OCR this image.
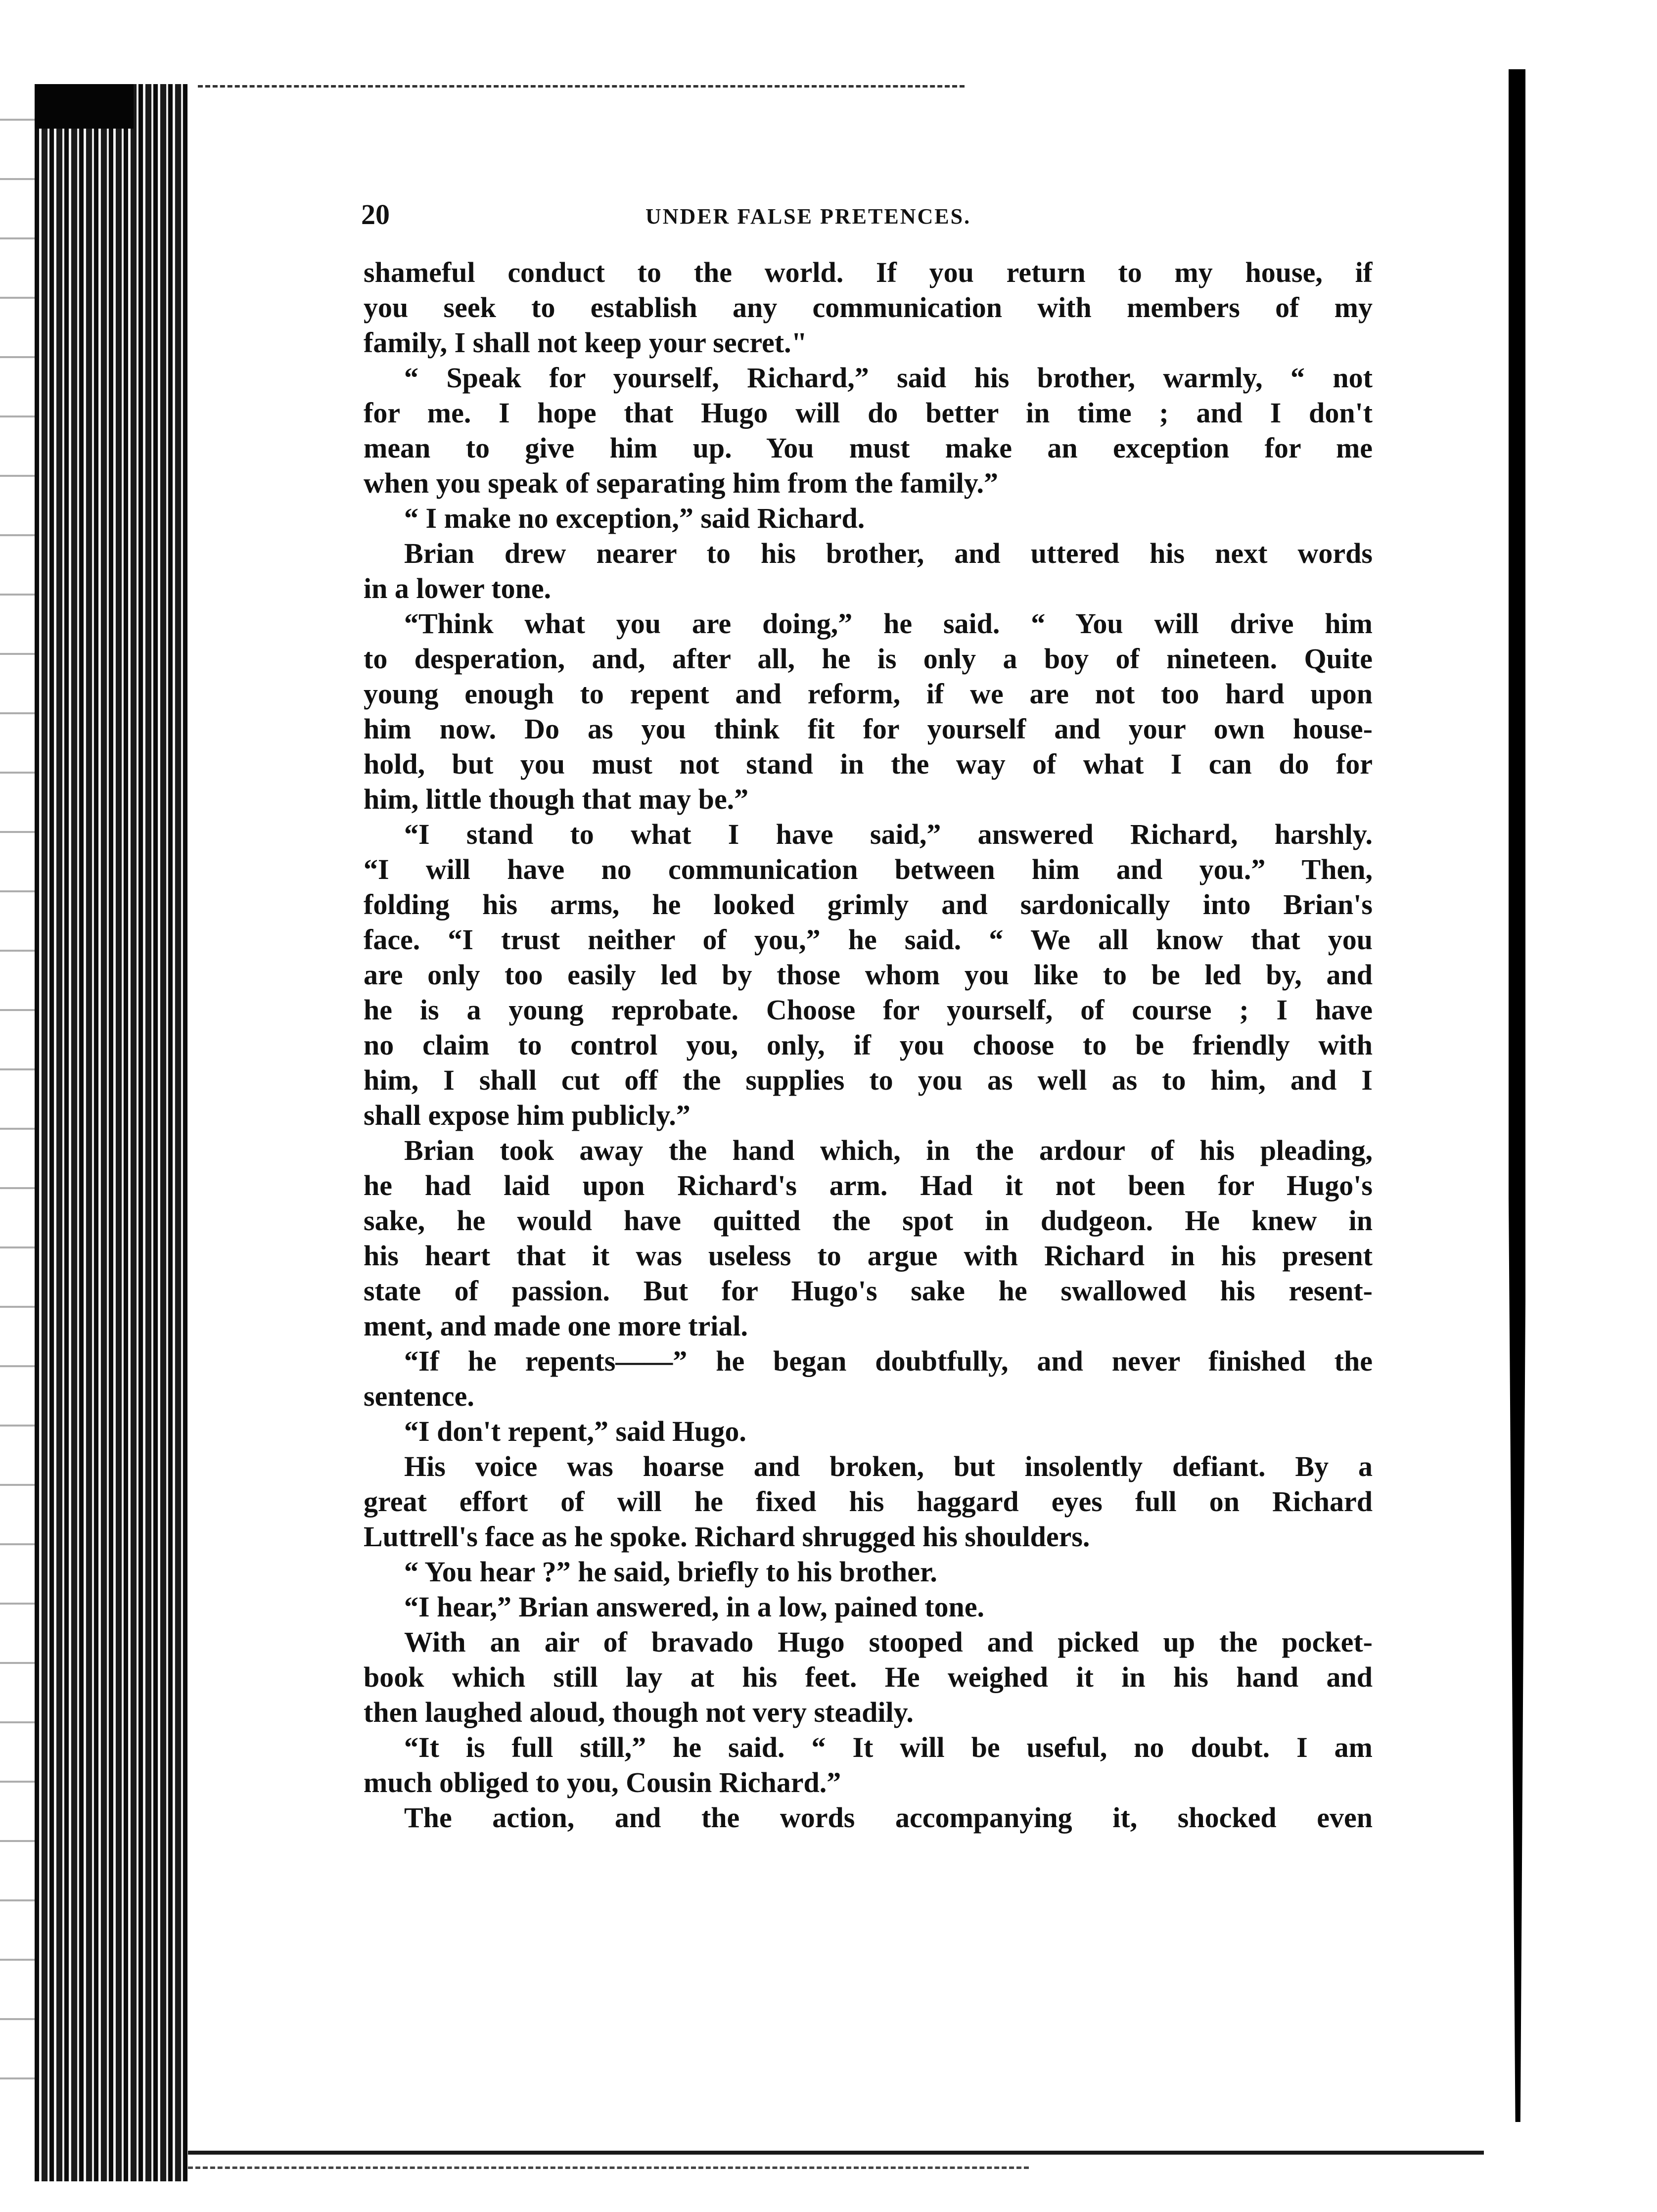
20	UNDER FALSE PRETENCES.
shameful conduct to the world. If you return to my house, if
you seek to establish any communication with members of my
family, I shall not keep your secret."
“ Speak for yourself, Richard,” said his brother, warmly, “ not
for me. I hope that Hugo will do better in time ; and I don't
mean to give him up. You must make an exception for me
when you speak of separating him from the family.”
“ I make no exception,” said Richard.
Brian drew nearer to his brother, and uttered his next words
in a lower tone.
“Think what you are doing,” he said. “ You will drive him
to desperation, and, after all, he is only a boy of nineteen. Quite
young enough to repent and reform, if we are not too hard upon
him now. Do as you think fit for yourself and your own house-
hold, but you must not stand in the way of what I can do for
him, little though that may be.”
“I stand to what I have said,” answered Richard, harshly.
“I will have no communication between him and you.” Then,
folding his arms, he looked grimly and sardonically into Brian's
face. “I trust neither of you,” he said. “ We all know that you
are only too easily led by those whom you like to be led by, and
he is a young reprobate. Choose for yourself, of course ; I have
no claim to control you, only, if you choose to be friendly with
him, I shall cut off the supplies to you as well as to him, and I
shall expose him publicly.”
Brian took away the hand which, in the ardour of his pleading,
he had laid upon Richard's arm. Had it not been for Hugo's
sake, he would have quitted the spot in dudgeon. He knew in
his heart that it was useless to argue with Richard in his present
state of passion. But for Hugo's sake he swallowed his resent-
ment, and made one more trial.
“If he repents——” he began doubtfully, and never finished the
sentence.
“I don't repent,” said Hugo.
His voice was hoarse and broken, but insolently defiant. By a
great effort of will he fixed his haggard eyes full on Richard
Luttrell's face as he spoke. Richard shrugged his shoulders.
“ You hear ?” he said, briefly to his brother.
“I hear,” Brian answered, in a low, pained tone.
With an air of bravado Hugo stooped and picked up the pocket-
book which still lay at his feet. He weighed it in his hand and
then laughed aloud, though not very steadily.
“It is full still,” he said. “ It will be useful, no doubt. I am
much obliged to you, Cousin Richard.”
The action, and the words accompanying it, shocked even
